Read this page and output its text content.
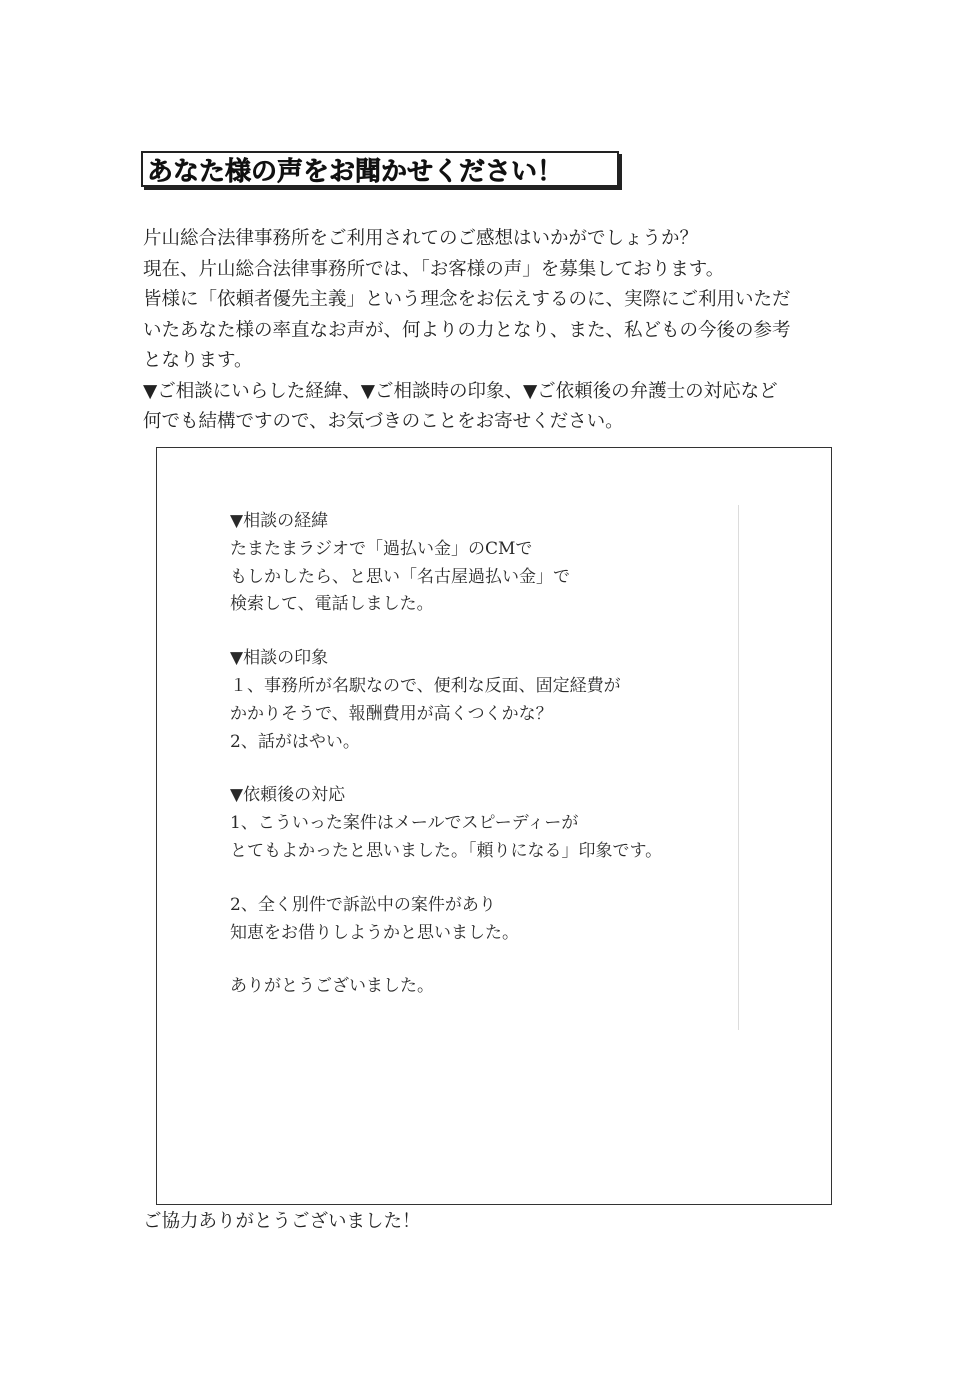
あなた様の声をお聞かせください！

片山総合法律事務所をご利用されてのご感想はいかがでしょうか？

現在、片山総合法律事務所では、「お客様の声」を募集しております。

皆様に「依頼者優先主義」という理念をお伝えするのに、実際にご利用いただ

いたあなた様の率直なお声が、何よりの力となり、また、私どもの今後の参考

となります。

▼ご相談にいらした経緯、▼ご相談時の印象、▼ご依頼後の弁護士の対応など

何でも結構ですので、お気づきのことをお寄せください。

▼相談の経緯

たまたまラジオで「過払い金」のCMで

もしかしたら、と思い「名古屋過払い金」で

検索して、電話しました。

▼相談の印象

１、事務所が名駅なので、便利な反面、固定経費が

かかりそうで、報酬費用が高くつくかな？

2、話がはやい。

▼依頼後の対応

1、こういった案件はメールでスピーディーが

とてもよかったと思いました。「頼りになる」印象です。

2、全く別件で訴訟中の案件があり

知恵をお借りしようかと思いました。

ありがとうございました。

ご協力ありがとうございました！
